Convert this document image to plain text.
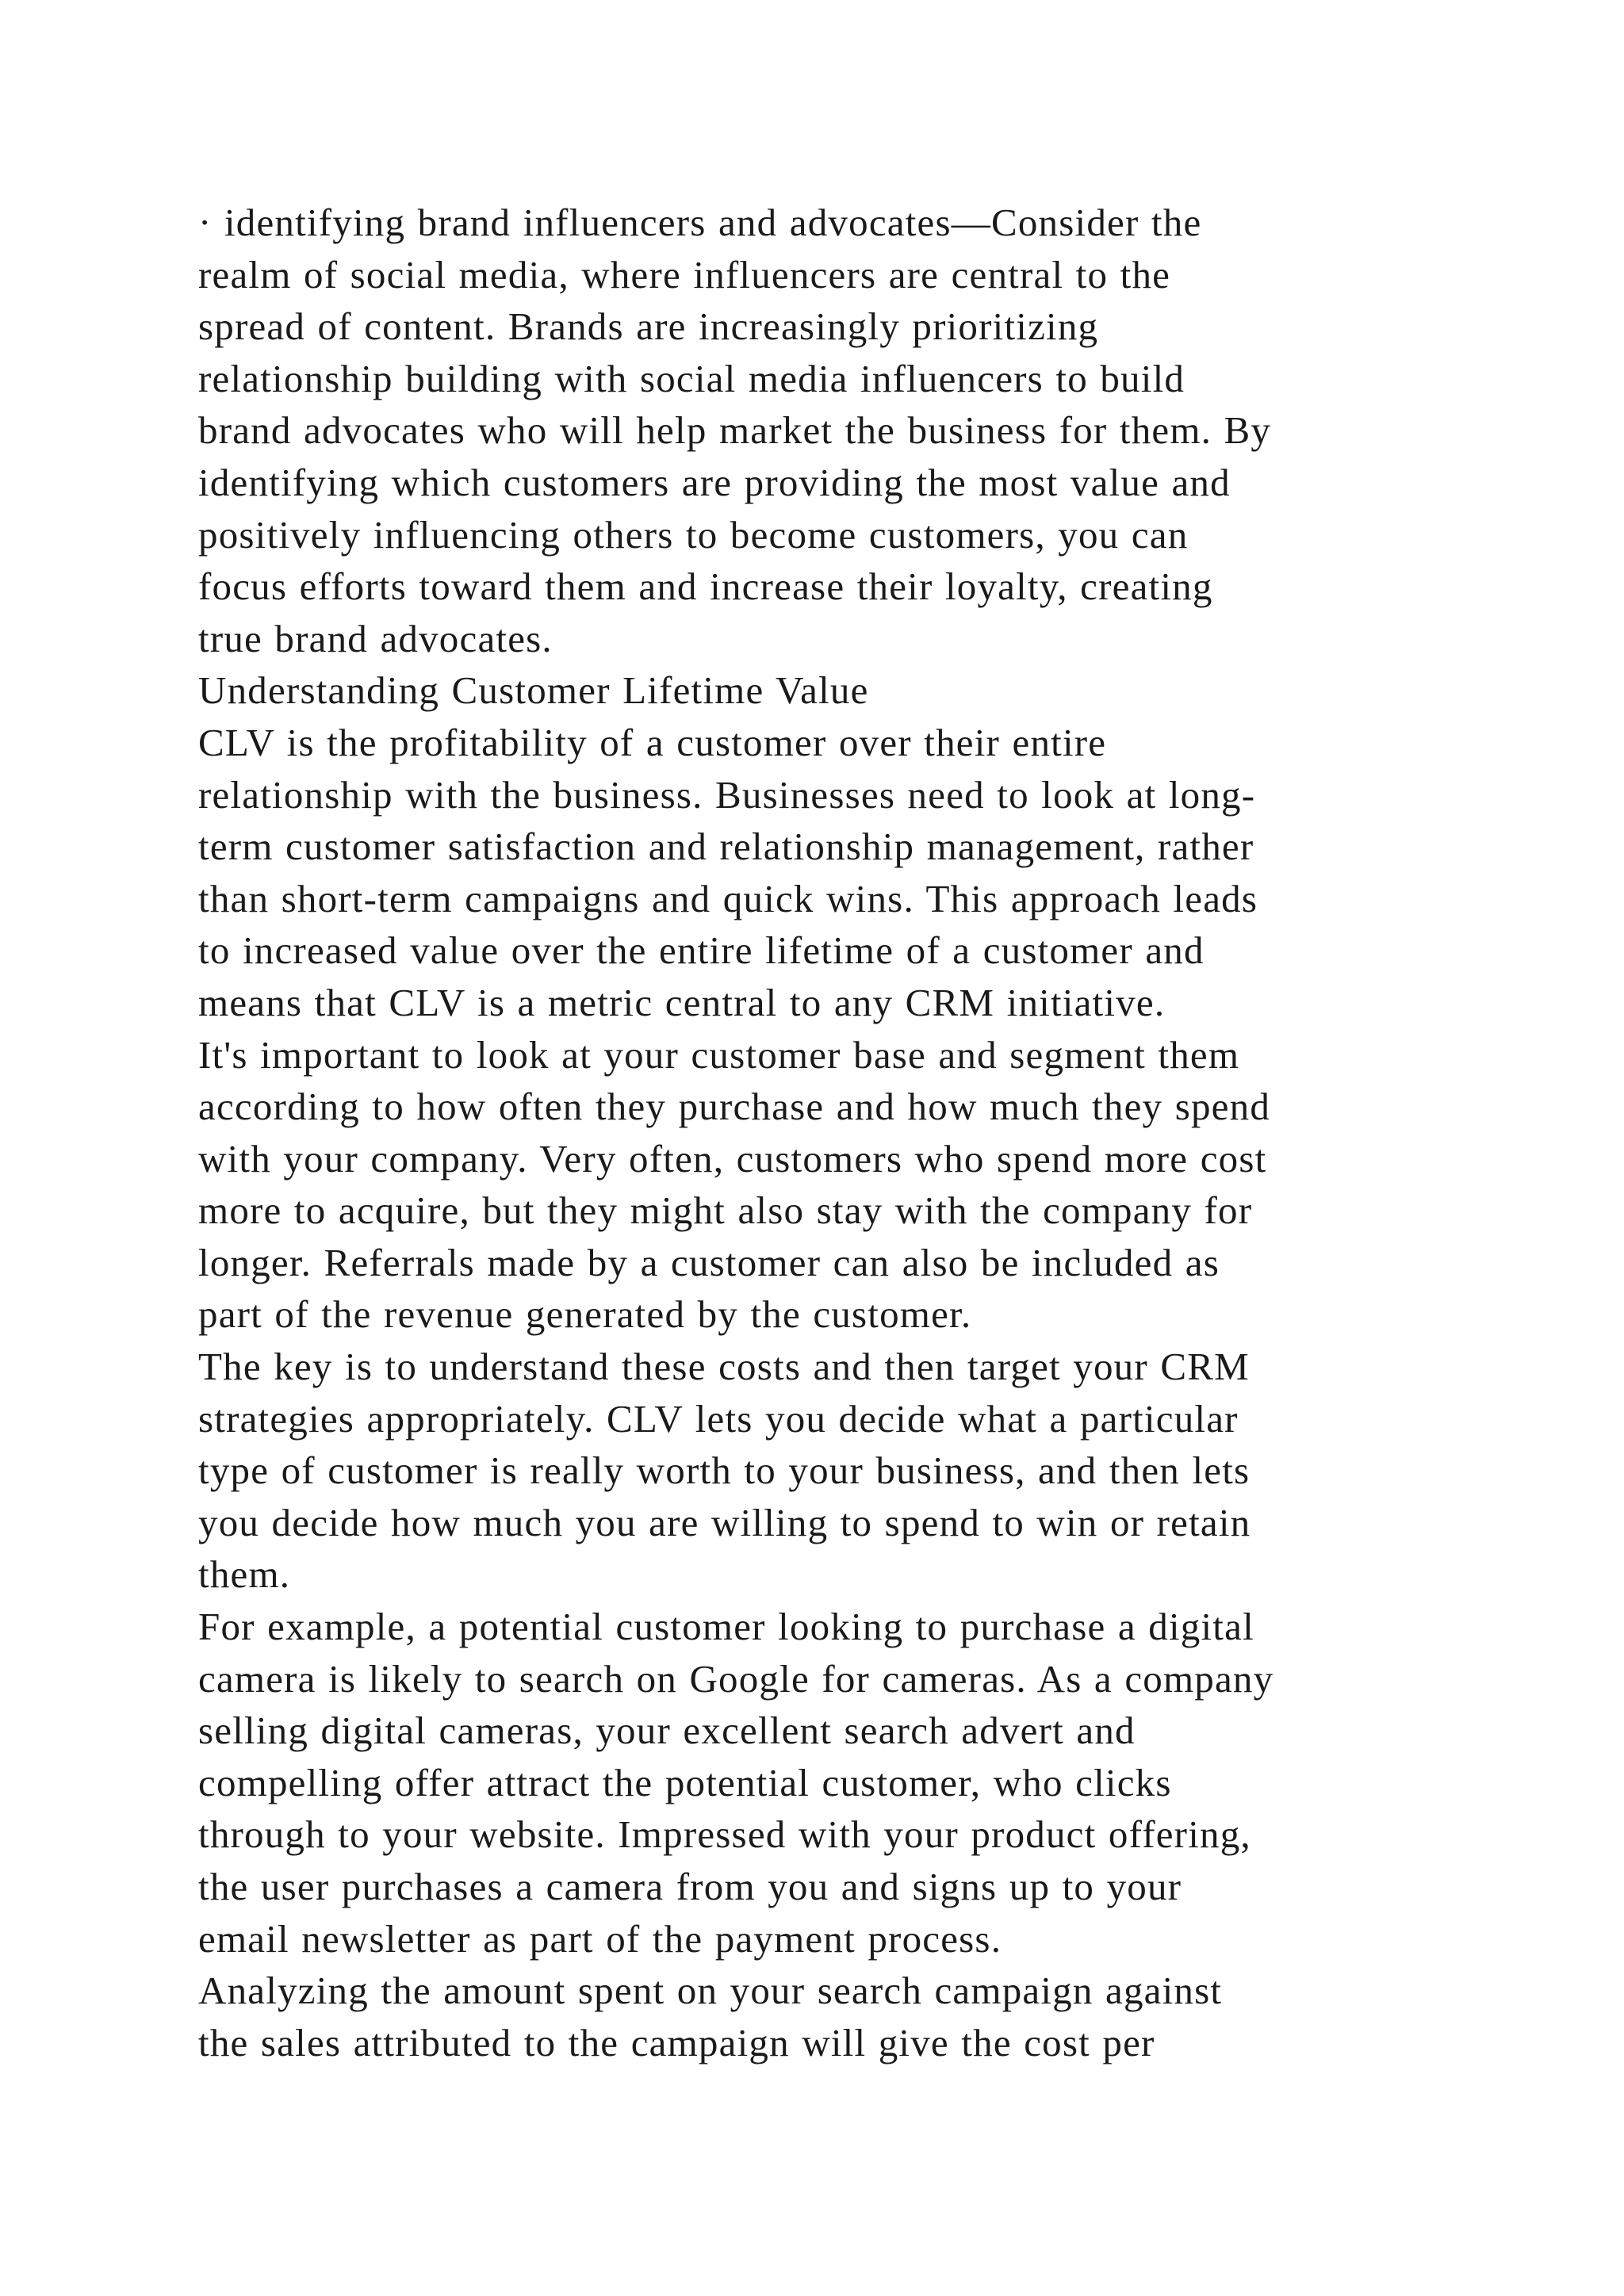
· identifying brand influencers and advocates—Consider the
realm of social media, where influencers are central to the
spread of content. Brands are increasingly prioritizing
relationship building with social media influencers to build
brand advocates who will help market the business for them. By
identifying which customers are providing the most value and
positively influencing others to become customers, you can
focus efforts toward them and increase their loyalty, creating
true brand advocates.
Understanding Customer Lifetime Value
CLV is the profitability of a customer over their entire
relationship with the business. Businesses need to look at long-
term customer satisfaction and relationship management, rather
than short-term campaigns and quick wins. This approach leads
to increased value over the entire lifetime of a customer and
means that CLV is a metric central to any CRM initiative.
It's important to look at your customer base and segment them
according to how often they purchase and how much they spend
with your company. Very often, customers who spend more cost
more to acquire, but they might also stay with the company for
longer. Referrals made by a customer can also be included as
part of the revenue generated by the customer.
The key is to understand these costs and then target your CRM
strategies appropriately. CLV lets you decide what a particular
type of customer is really worth to your business, and then lets
you decide how much you are willing to spend to win or retain
them.
For example, a potential customer looking to purchase a digital
camera is likely to search on Google for cameras. As a company
selling digital cameras, your excellent search advert and
compelling offer attract the potential customer, who clicks
through to your website. Impressed with your product offering,
the user purchases a camera from you and signs up to your
email newsletter as part of the payment process.
Analyzing the amount spent on your search campaign against
the sales attributed to the campaign will give the cost per
